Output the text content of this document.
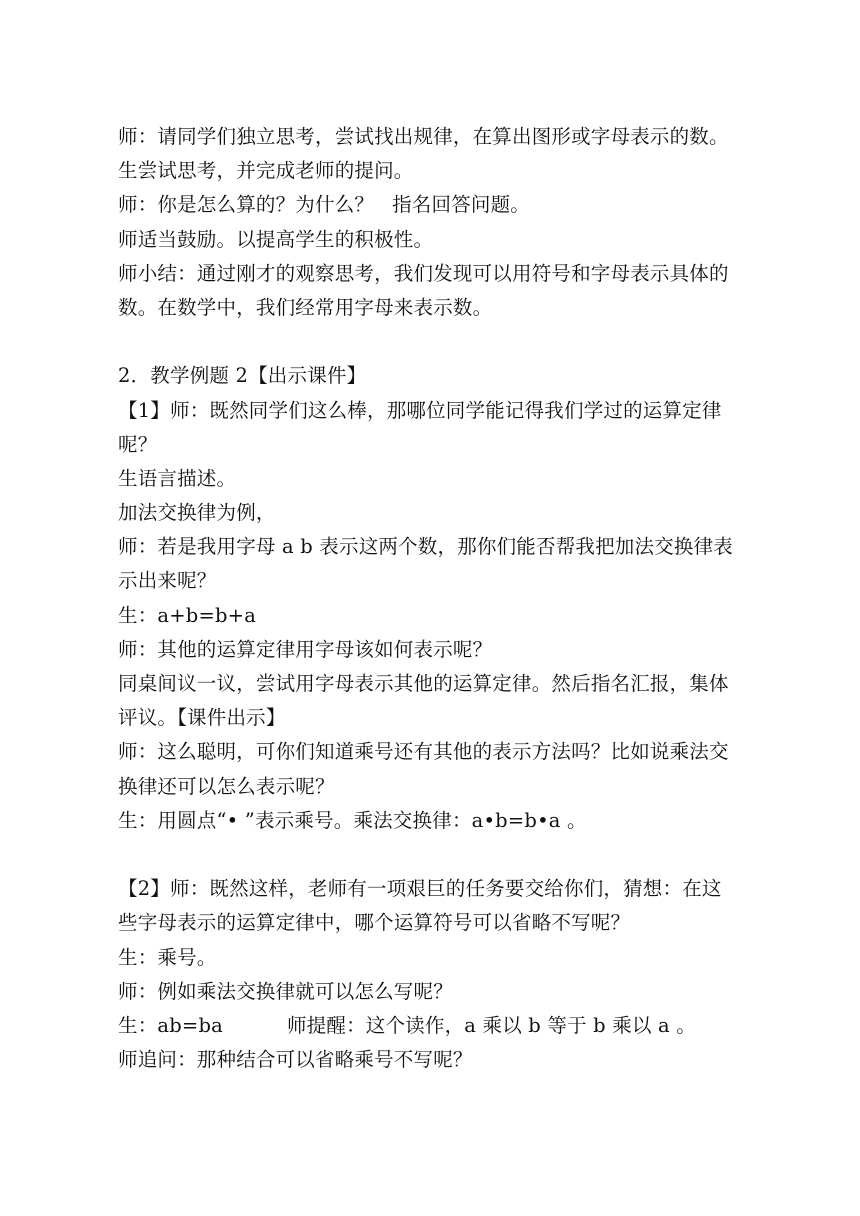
师：请同学们独立思考，尝试找出规律，在算出图形或字母表示的数。
生尝试思考，并完成老师的提问。
师：你是怎么算的？为什么？ 指名回答问题。
师适当鼓励。以提高学生的积极性。
师小结：通过刚才的观察思考，我们发现可以用符号和字母表示具体的
数。在数学中，我们经常用字母来表示数。
2．教学例题 2【出示课件】
【1】师：既然同学们这么棒，那哪位同学能记得我们学过的运算定律
呢？
生语言描述。
加法交换律为例，
师：若是我用字母 a b 表示这两个数，那你们能否帮我把加法交换律表
示出来呢？
生：a+b=b+a
师：其他的运算定律用字母该如何表示呢？
同桌间议一议，尝试用字母表示其他的运算定律。然后指名汇报，集体
评议。【课件出示】
师：这么聪明，可你们知道乘号还有其他的表示方法吗？比如说乘法交
换律还可以怎么表示呢？
生：用圆点“• ”表示乘号。乘法交换律：a•b=b•a 。
【2】师：既然这样，老师有一项艰巨的任务要交给你们，猜想：在这
些字母表示的运算定律中，哪个运算符号可以省略不写呢？
生：乘号。
师：例如乘法交换律就可以怎么写呢？
生：ab=ba	师提醒：这个读作，a 乘以 b 等于 b 乘以 a 。
师追问：那种结合可以省略乘号不写呢？
